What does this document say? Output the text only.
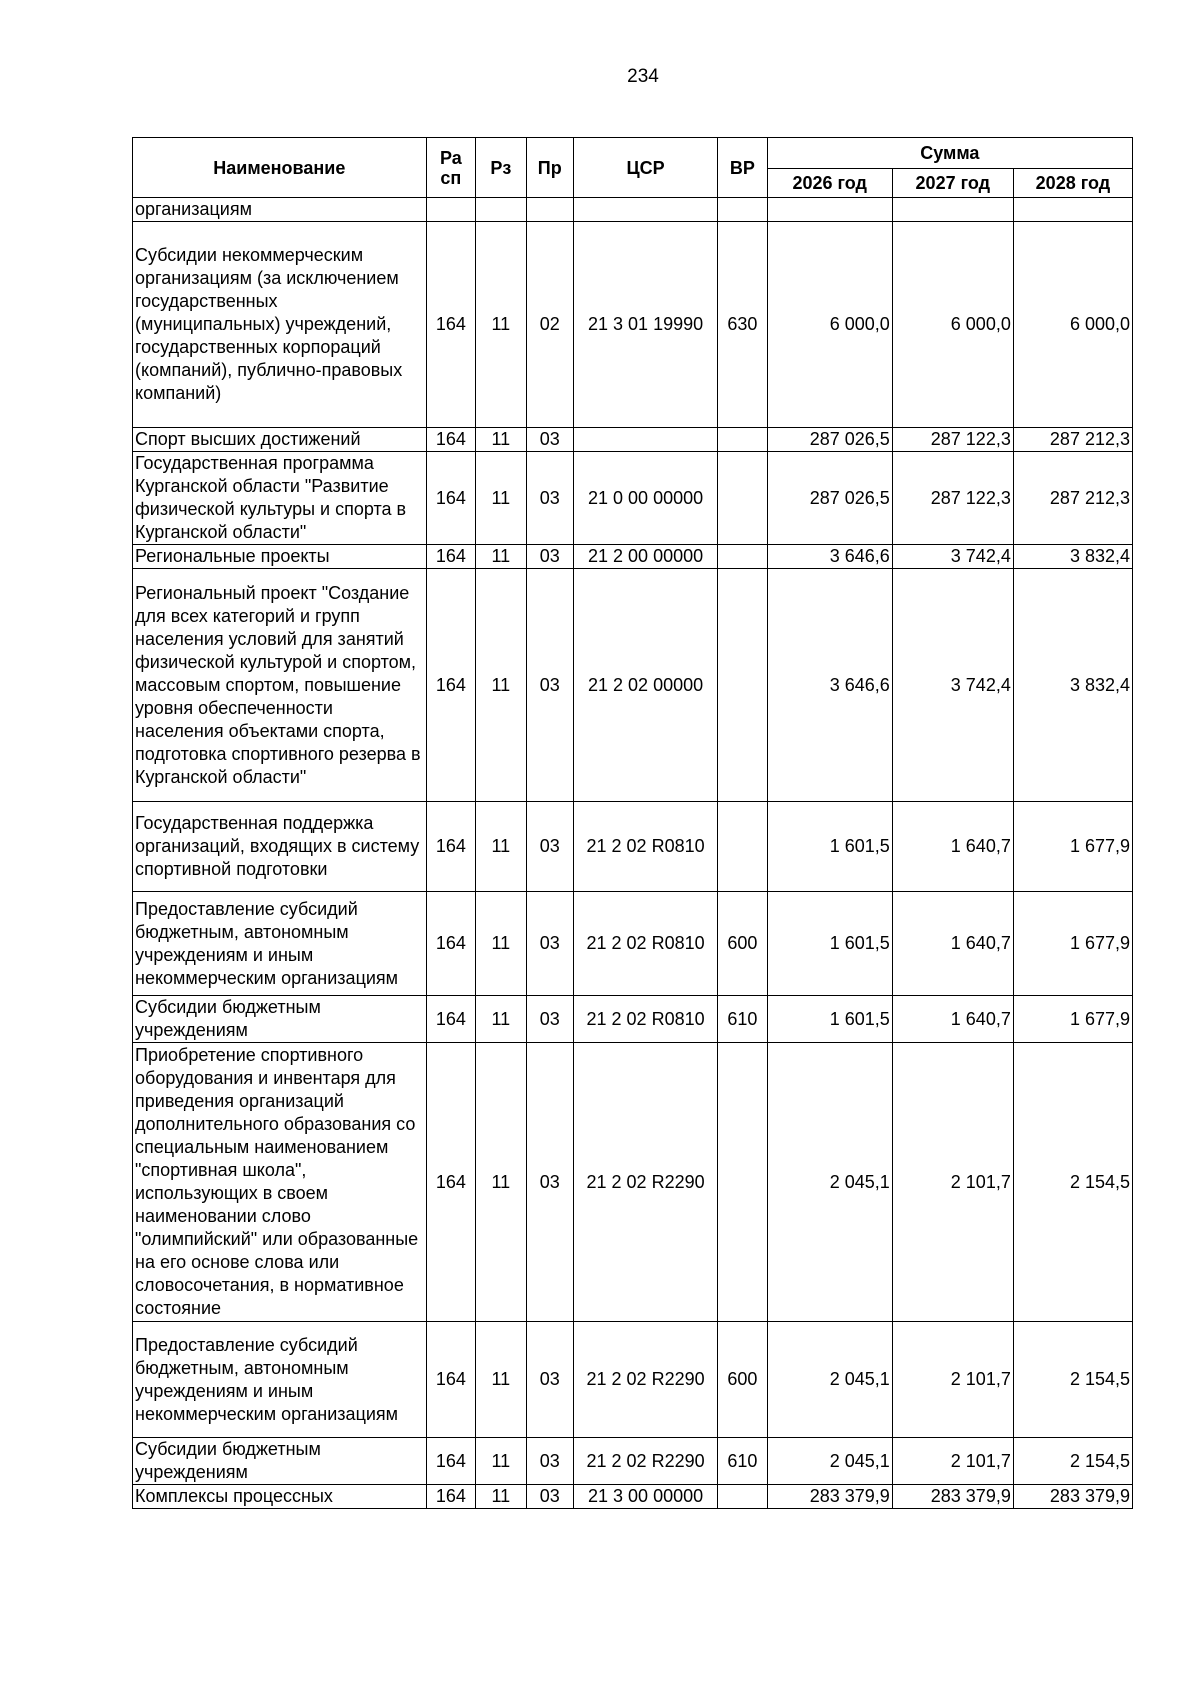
234
Наименование	Ра сп	Рз	Пр	ЦСР	ВР	Сумма		
						2026 год	2027 год	2028 год
организациям								
Субсидии некоммерческим организациям (за исключением государственных (муниципальных) учреждений, государственных корпораций (компаний), публично-правовых компаний)	164	11	02	21 3 01 19990	630	6 000,0	6 000,0	6 000,0
Спорт высших достижений	164	11	03			287 026,5	287 122,3	287 212,3
Государственная программа Курганской области "Развитие физической культуры и спорта в Курганской области"	164	11	03	21 0 00 00000		287 026,5	287 122,3	287 212,3
Региональные проекты	164	11	03	21 2 00 00000		3 646,6	3 742,4	3 832,4
Региональный проект "Создание для всех категорий и групп населения условий для занятий физической культурой и спортом, массовым спортом, повышение уровня обеспеченности населения объектами спорта, подготовка спортивного резерва в Курганской области"	164	11	03	21 2 02 00000		3 646,6	3 742,4	3 832,4
Государственная поддержка организаций, входящих в систему спортивной подготовки	164	11	03	21 2 02 R0810		1 601,5	1 640,7	1 677,9
Предоставление субсидий бюджетным, автономным учреждениям и иным некоммерческим организациям	164	11	03	21 2 02 R0810	600	1 601,5	1 640,7	1 677,9
Субсидии бюджетным учреждениям	164	11	03	21 2 02 R0810	610	1 601,5	1 640,7	1 677,9
Приобретение спортивного оборудования и инвентаря для приведения организаций дополнительного образования со специальным наименованием "спортивная школа", использующих в своем наименовании слово "олимпийский" или образованные на его основе слова или словосочетания, в нормативное состояние	164	11	03	21 2 02 R2290		2 045,1	2 101,7	2 154,5
Предоставление субсидий бюджетным, автономным учреждениям и иным некоммерческим организациям	164	11	03	21 2 02 R2290	600	2 045,1	2 101,7	2 154,5
Субсидии бюджетным учреждениям	164	11	03	21 2 02 R2290	610	2 045,1	2 101,7	2 154,5
Комплексы процессных	164	11	03	21 3 00 00000		283 379,9	283 379,9	283 379,9
